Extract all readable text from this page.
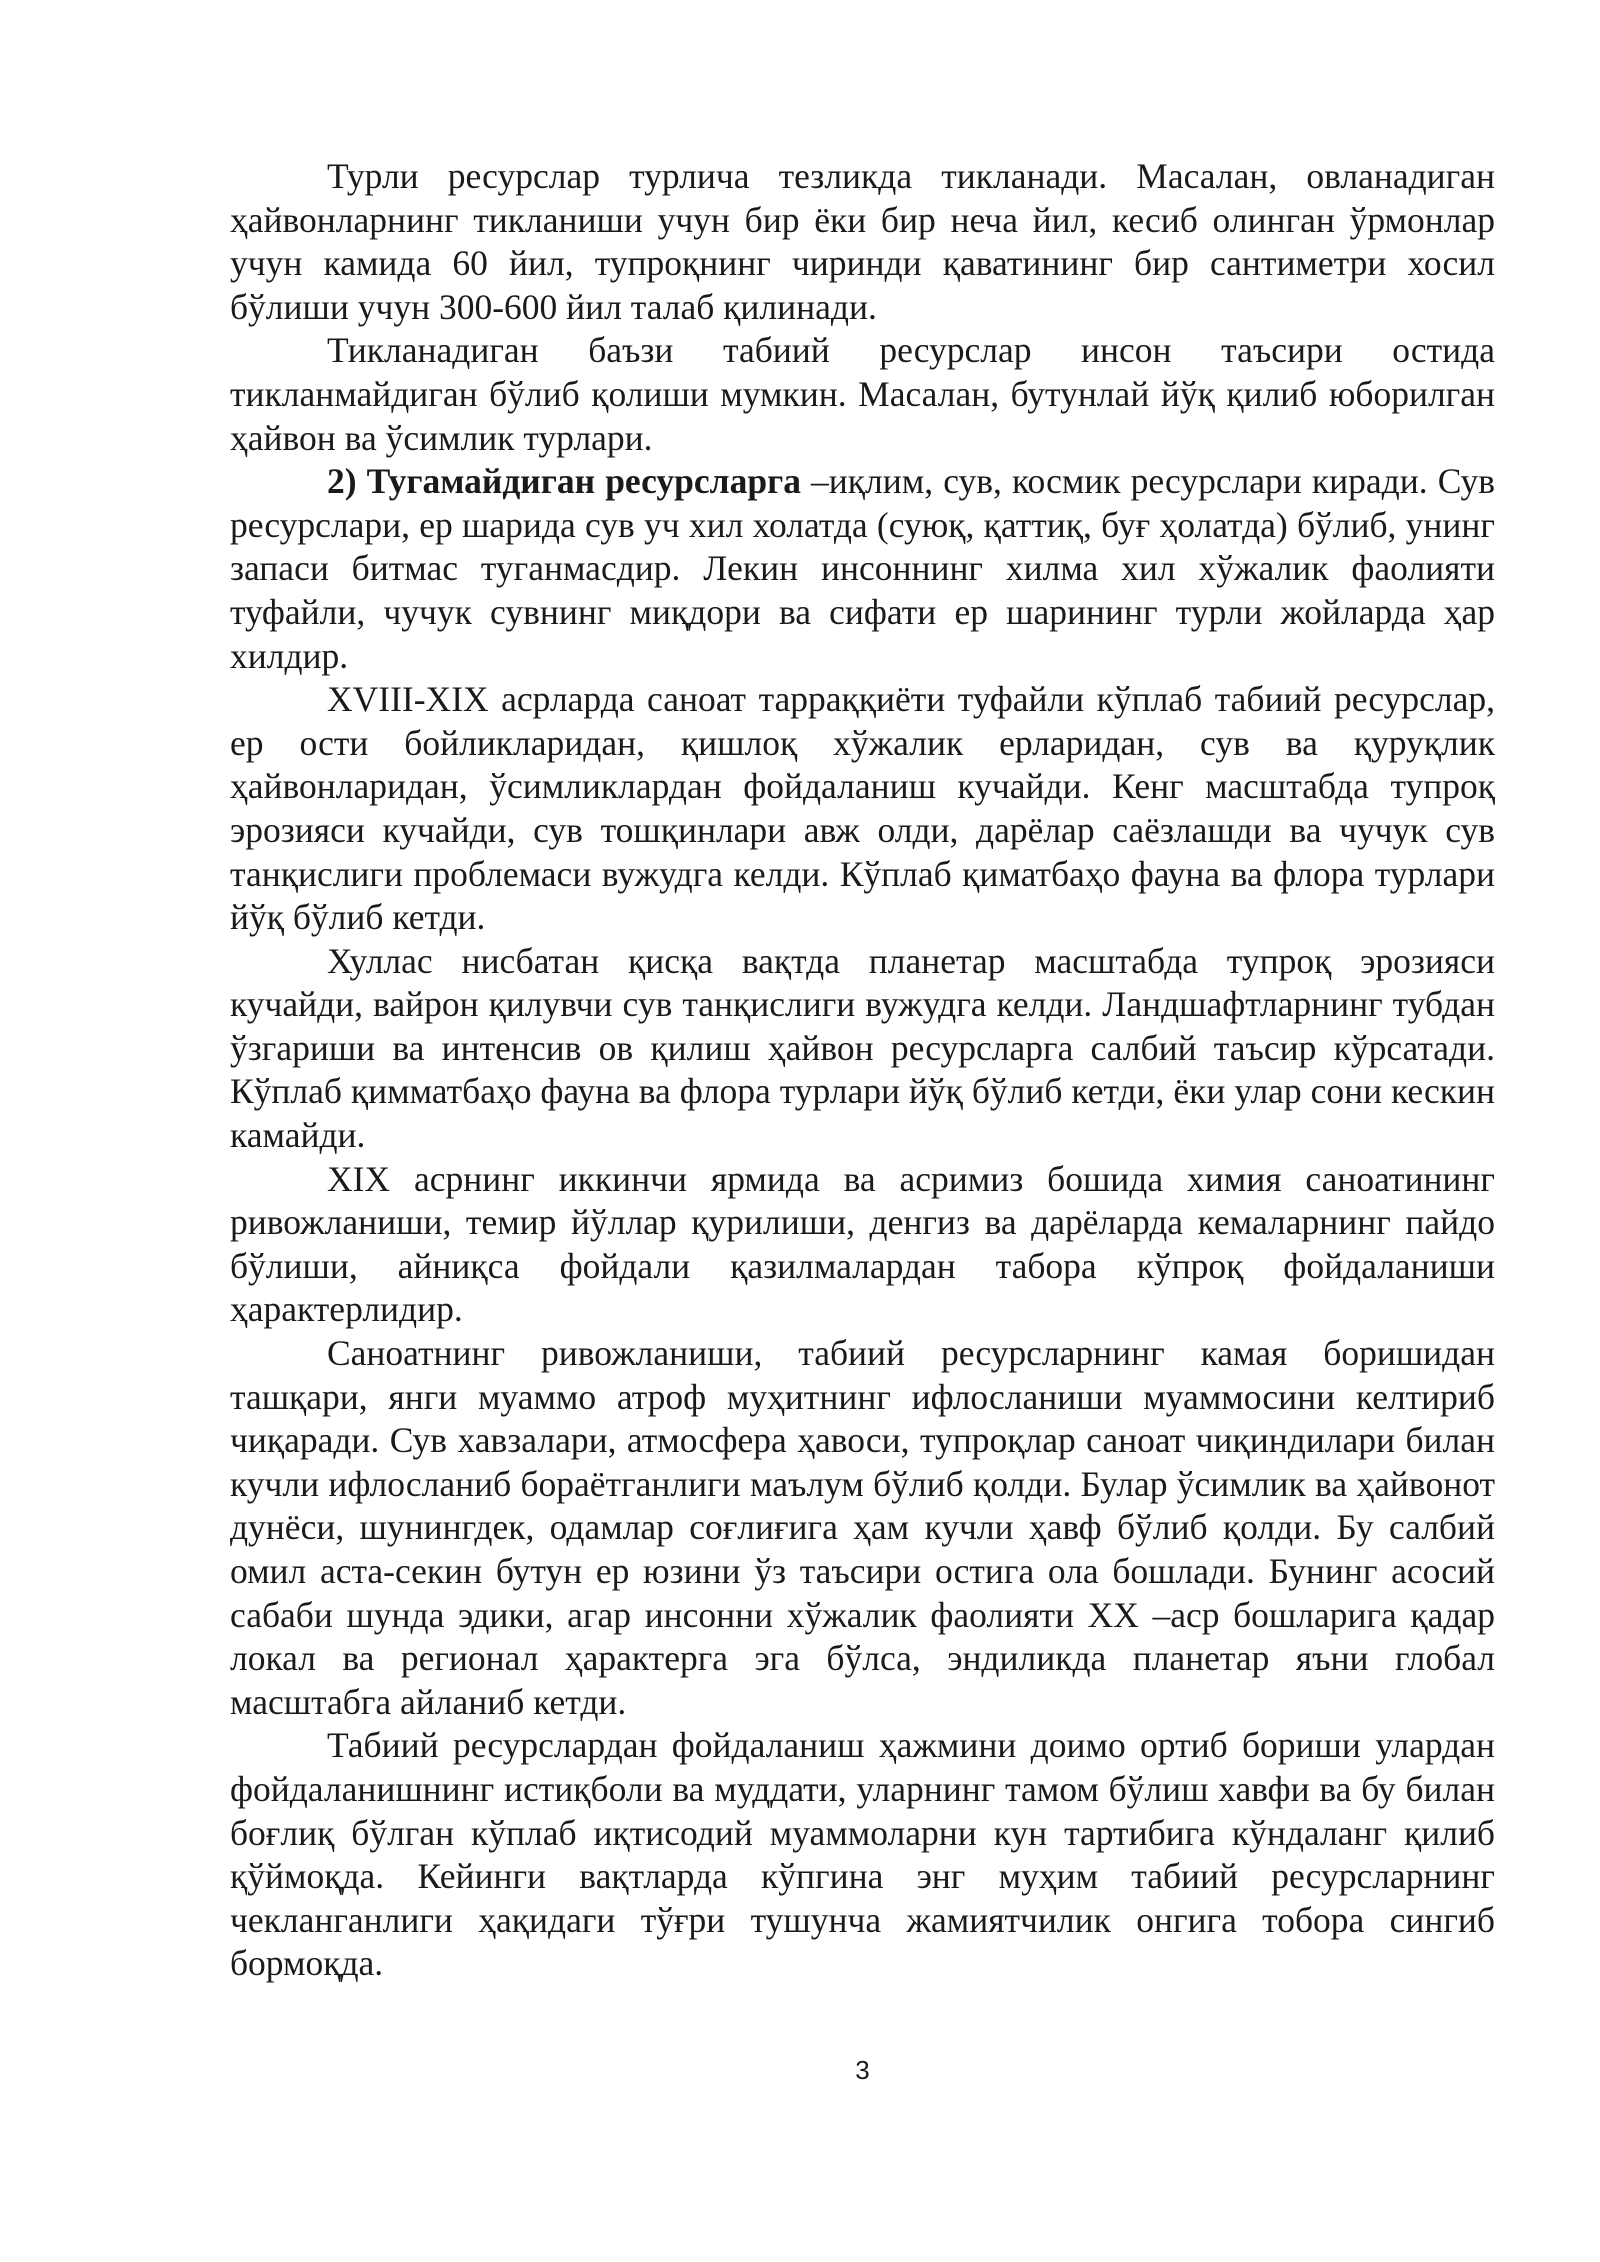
Турли ресурслар турлича тезликда тикланади. Масалан, овланадиган ҳайвонларнинг тикланиши учун бир ёки бир неча йил, кесиб олинган ўрмонлар учун камида 60 йил, тупроқнинг чиринди қаватининг бир сантиметри хосил бўлиши учун 300-600 йил талаб қилинади.

Тикланадиган баъзи табиий ресурслар инсон таъсири остида тикланмайдиган бўлиб қолиши мумкин. Масалан, бутунлай йўқ қилиб юборилган ҳайвон ва ўсимлик турлари.

2) Тугамайдиган ресурсларга –иқлим, сув, космик ресурслари киради. Сув ресурслари, ер шарида сув уч хил холатда (суюқ, қаттиқ, буғ ҳолатда) бўлиб, унинг запаси битмас туганмасдир. Лекин инсоннинг хилма хил хўжалик фаолияти туфайли, чучук сувнинг миқдори ва сифати ер шарининг турли жойларда ҳар хилдир.

XVIII-XIX асрларда саноат тарраққиёти туфайли кўплаб табиий ресурслар, ер ости бойликларидан, қишлоқ хўжалик ерларидан, сув ва қуруқлик ҳайвонларидан, ўсимликлардан фойдаланиш кучайди. Кенг масштабда тупроқ эрозияси кучайди, сув тошқинлари авж олди, дарёлар саёзлашди ва чучук сув танқислиги проблемаси вужудга келди. Кўплаб қиматбаҳо фауна ва флора турлари йўқ бўлиб кетди.

Хуллас нисбатан қисқа вақтда планетар масштабда тупроқ эрозияси кучайди, вайрон қилувчи сув танқислиги вужудга келди. Ландшафтларнинг тубдан ўзгариши ва интенсив ов қилиш ҳайвон ресурсларга салбий таъсир кўрсатади. Кўплаб қимматбаҳо фауна ва флора турлари йўқ бўлиб кетди, ёки улар сони кескин камайди.

XIX асрнинг иккинчи ярмида ва асримиз бошида химия саноатининг ривожланиши, темир йўллар қурилиши, денгиз ва дарёларда кемаларнинг пайдо бўлиши, айниқса фойдали қазилмалардан табора кўпроқ фойдаланиши ҳарактерлидир.

Саноатнинг ривожланиши, табиий ресурсларнинг камая боришидан ташқари, янги муаммо атроф муҳитнинг ифлосланиши муаммосини келтириб чиқаради. Сув хавзалари, атмосфера ҳавоси, тупроқлар саноат чиқиндилари билан кучли ифлосланиб бораётганлиги маълум бўлиб қолди. Булар ўсимлик ва ҳайвонот дунёси, шунингдек, одамлар соғлиғига ҳам кучли ҳавф бўлиб қолди. Бу салбий омил аста-секин бутун ер юзини ўз таъсири остига ола бошлади. Бунинг асосий сабаби шунда эдики, агар инсонни хўжалик фаолияти XX –аср бошларига қадар локал ва регионал ҳарактерга эга бўлса, эндиликда планетар яъни глобал масштабга айланиб кетди.

Табиий ресурслардан фойдаланиш ҳажмини доимо ортиб бориши улардан фойдаланишнинг истиқболи ва муддати, уларнинг тамом бўлиш хавфи ва бу билан боғлиқ бўлган кўплаб иқтисодий муаммоларни кун тартибига кўндаланг қилиб қўймоқда. Кейинги вақтларда кўпгина энг муҳим табиий ресурсларнинг чекланганлиги ҳақидаги тўғри тушунча жамиятчилик онгига тобора сингиб бормоқда.

3
